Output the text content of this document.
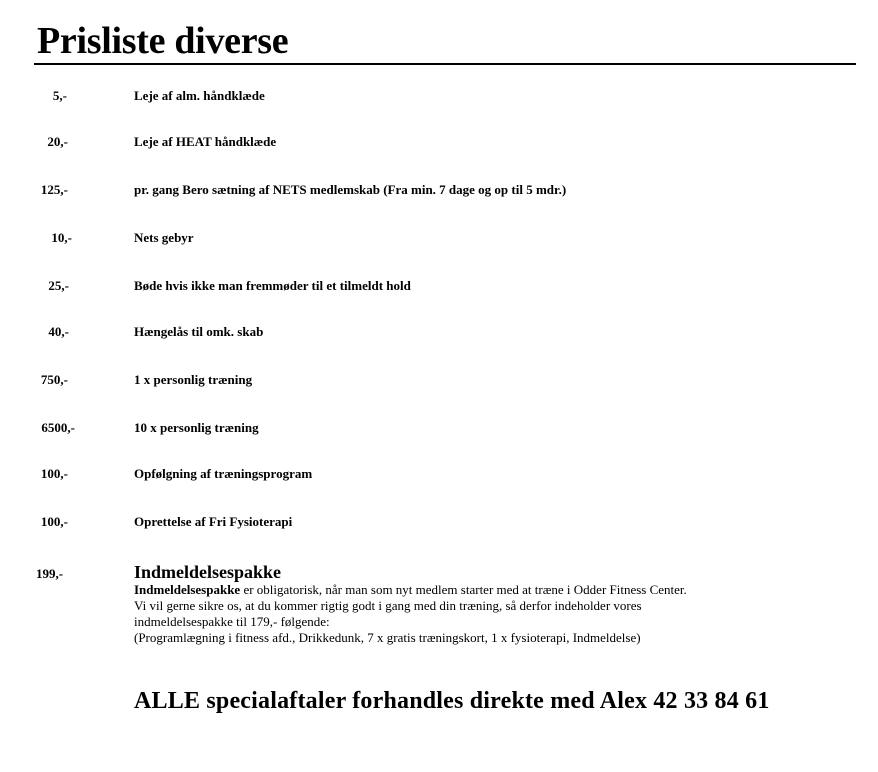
Prisliste diverse
5,-	Leje af alm. håndklæde
20,-	Leje af HEAT håndklæde
125,-	pr. gang Bero sætning af NETS medlemskab (Fra min. 7 dage og op til 5 mdr.)
10,-	Nets gebyr
25,-	Bøde hvis ikke man fremmøder til et tilmeldt hold
40,-	Hængelås til omk. skab
750,-	1 x personlig træning
6500,-	10 x personlig træning
100,-	Opfølgning af træningsprogram
100,-	Oprettelse af Fri Fysioterapi
199,-	Indmeldelsespakke
Indmeldelsespakke er obligatorisk, når man som nyt medlem starter med at træne i Odder Fitness Center.
Vi vil gerne sikre os, at du kommer rigtig godt i gang med din træning, så derfor indeholder vores
indmeldelsespakke til 179,- følgende:
(Programlægning i fitness afd., Drikkedunk, 7 x gratis træningskort, 1 x fysioterapi, Indmeldelse)
ALLE specialaftaler forhandles direkte med Alex 42 33 84 61
